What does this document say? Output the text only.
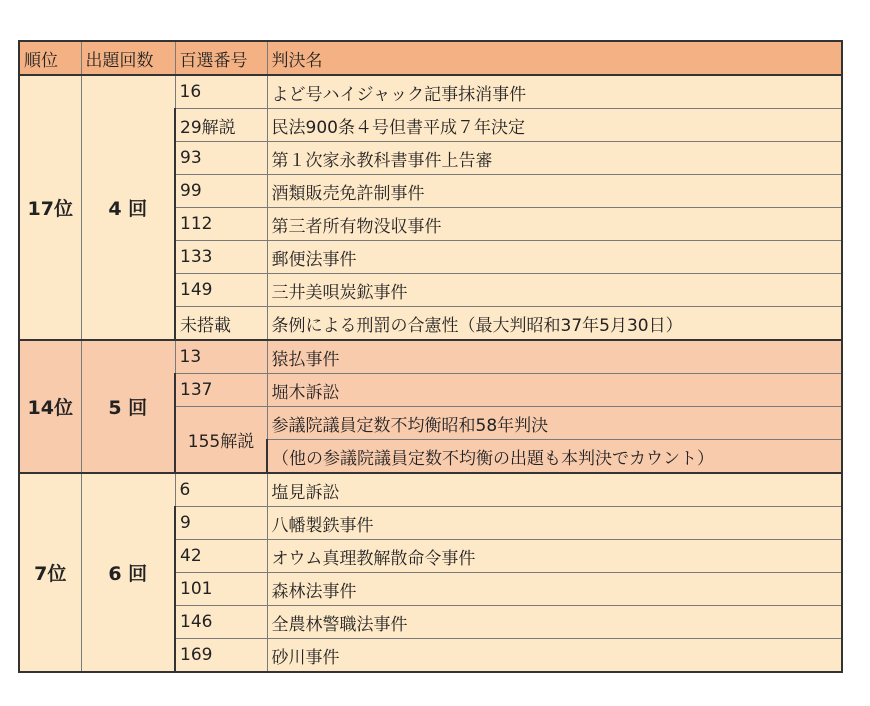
順位	出題回数	百選番号	判決名
17位	4 回	16	よど号ハイジャック記事抹消事件
		29解説	民法900条４号但書平成７年決定
		93	第１次家永教科書事件上告審
		99	酒類販売免許制事件
		112	第三者所有物没収事件
		133	郵便法事件
		149	三井美唄炭鉱事件
		未搭載	条例による刑罰の合憲性（最大判昭和37年5月30日）
14位	5 回	13	猿払事件
		137	堀木訴訟
		155解説	参議院議員定数不均衡昭和58年判決
			（他の参議院議員定数不均衡の出題も本判決でカウント）
7位	6 回	6	塩見訴訟
		9	八幡製鉄事件
		42	オウム真理教解散命令事件
		101	森林法事件
		146	全農林警職法事件
		169	砂川事件
